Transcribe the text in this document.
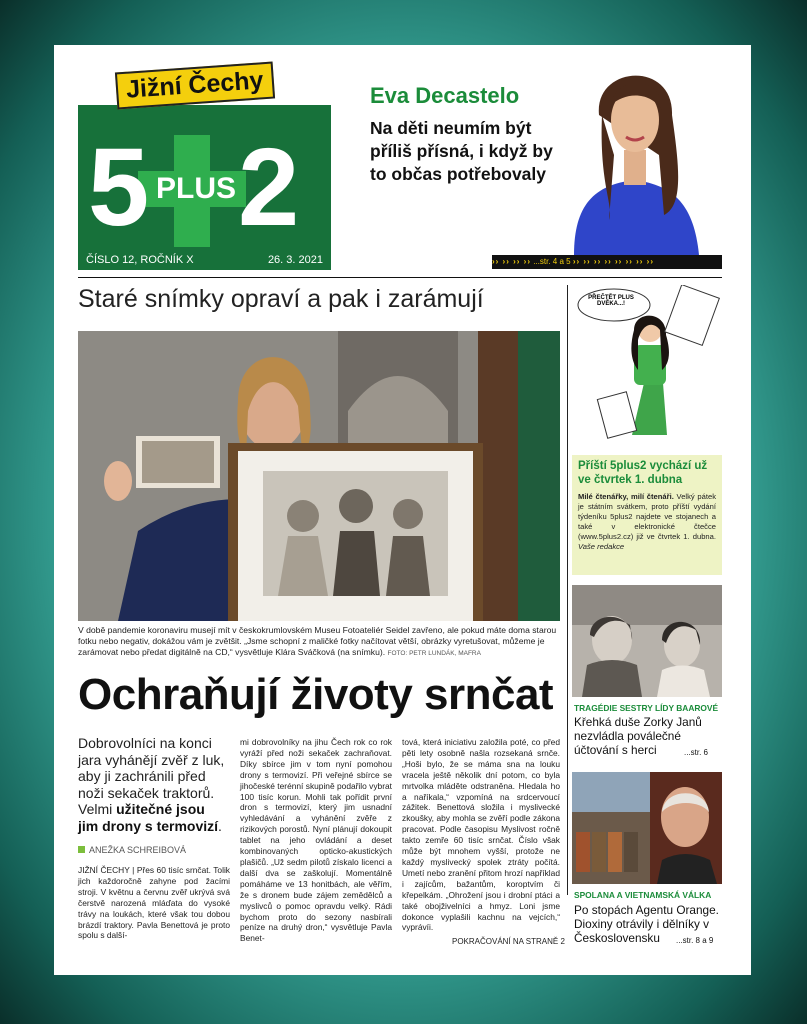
5 PLUS 2
ČÍSLO 12, ROČNÍK X	26. 3. 2021
Jižní Čechy	Eva Decastelo
Na děti neumím být příliš přísná, i když by to občas potřebovaly
›› ›› ›› ›› ...str. 4 a 5 ›› ›› ›› ›› ›› ›› ›› ››
Staré snímky opraví a pak i zarámují
V době pandemie koronaviru musejí mít v českokrumlovském Museu Fotoateliér Seidel zavřeno, ale pokud máte doma starou fotku nebo negativ, dokážou vám je zvětšit. „Jsme schopní z maličké fotky načítovat větší, obrázky vyretušovat, můžeme je zarámovat nebo předat digitálně na CD,“ vysvětluje Klára Sváčková (na snímku). FOTO: PETR LUNDÁK, MAFRA
Ochraňují životy srnčat
Dobrovolníci na konci jara vyhánějí zvěř z luk, aby ji zachránili před noži sekaček traktorů. Velmi užitečné jsou jim drony s termovizí.
ANEŽKA SCHREIBOVÁ
JIŽNÍ ČECHY | Přes 60 tisíc srnčat. Tolik jich každoročně zahyne pod žacími stroji. V květnu a červnu zvěř ukrývá svá čerstvě narozená mláďata do vysoké trávy na loukách, které však tou dobou brázdí traktory. Pavla Benettová je proto spolu s další-
mi dobrovolníky na jihu Čech rok co rok vyráží před noži sekaček zachraňovat. Díky sbírce jim v tom nyní pomohou drony s termovizí. Při veřejné sbírce se jihočeské terénní skupině podařilo vybrat 100 tisíc korun. Mohli tak pořídit první dron s termovizí, který jim usnadní vyhledávání a vyhánění zvěře z rizikových porostů. Nyní plánují dokoupit tablet na jeho ovládání a deset kombinovaných opticko-akustických plašičů. „Už sedm pilotů získalo licenci a další dva se zaškolují. Momentálně pomáháme ve 13 honitbách, ale věřím, že s dronem bude zájem zemědělců a myslivců o pomoc opravdu velký. Rádi bychom proto do sezony nasbírali peníze na druhý dron,“ vysvětluje Pavla Benet-
tová, která iniciativu založila poté, co před pěti lety osobně našla rozsekaná srnče. „Hoši bylo, že se máma sna na louku vracela ještě několik dní potom, co byla mrtvolka mláděte odstraněna. Hledala ho a naříkala,“ vzpomíná na srdcervoucí zážitek. Benettová složila i myslivecké zkoušky, aby mohla se zvěří podle zákona pracovat. Podle časopisu Myslivost ročně takto zemře 60 tisíc srnčat. Číslo však může být mnohem vyšší, protože ne každý myslivecký spolek ztráty počítá. Umetí nebo zranění přitom hrozí například i zajícům, bažantům, koroptvím či křepelkám. „Ohrožení jsou i drobní ptáci a také obojživelníci a hmyz. Loni jsme dokonce vyplašili kachnu na vejcích,“ vyprávíi.
POKRAČOVÁNÍ NA STRANĚ 2
PŘEČTĚT PLUS DVĚKA...!
Příští 5plus2 vychází už ve čtvrtek 1. dubna
Milé čtenářky, milí čtenáři. Velký pátek je státním svátkem, proto příští vydání týdeníku 5plus2 najdete ve stojanech a také v elektronické čtečce (www.5plus2.cz) již ve čtvrtek 1. dubna. Vaše redakce
TRAGÉDIE SESTRY LÍDY BAAROVÉ
Křehká duše Zorky Janů nezvládla poválečné účtování s herci	...str. 6
SPOLANA A VIETNAMSKÁ VÁLKA
Po stopách Agentu Orange. Dioxiny otrávily i dělníky v Československu	...str. 8 a 9
